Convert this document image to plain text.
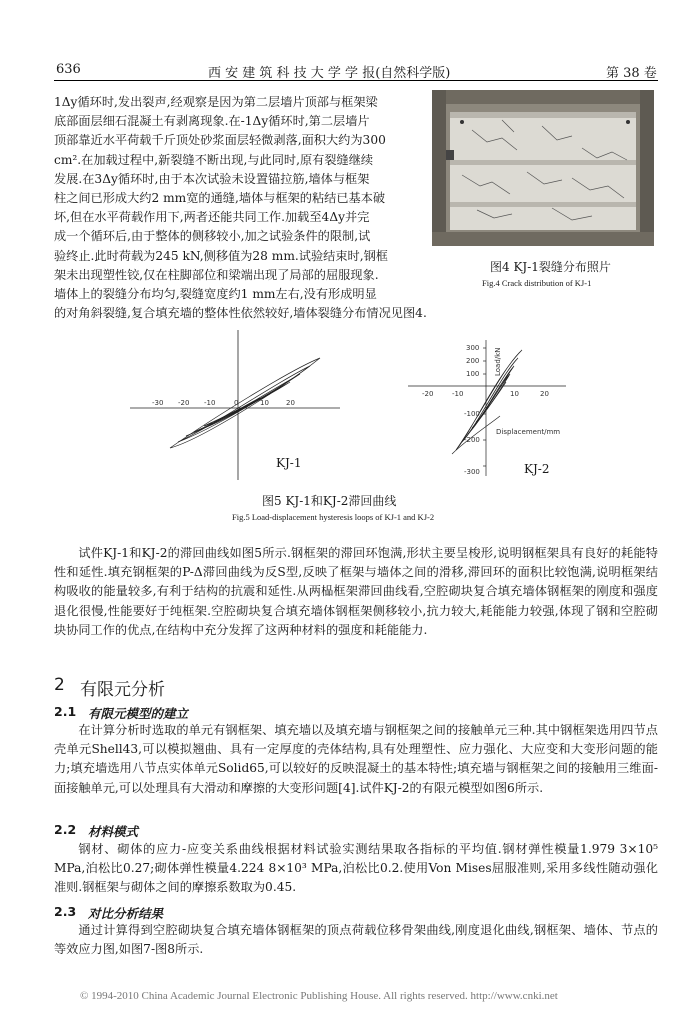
636	西 安 建 筑 科 技 大 学 学 报(自然科学版)	第 38 卷
1Δy循环时,发出裂声,经观察是因为第二层墙片顶部与框架梁
底部面层细石混凝土有剥离现象.在-1Δy循环时,第二层墙片
顶部靠近水平荷载千斤顶处砂浆面层轻微剥落,面积大约为300
cm².在加载过程中,新裂缝不断出现,与此同时,原有裂缝继续
发展.在3Δy循环时,由于本次试验未设置锚拉筋,墙体与框架
柱之间已形成大约2 mm宽的通缝,墙体与框架的粘结已基本破
坏,但在水平荷载作用下,两者还能共同工作.加载至4Δy并完
成一个循环后,由于整体的侧移较小,加之试验条件的限制,试
验终止.此时荷载为245 kN,侧移值为28 mm.试验结束时,钢框
架未出现塑性铰,仅在柱脚部位和梁端出现了局部的屈服现象.
墙体上的裂缝分布均匀,裂缝宽度约1 mm左右,没有形成明显
的对角斜裂缝,复合填充墙的整体性依然较好,墙体裂缝分布情况见图4.
图4 KJ-1裂缝分布照片
Fig.4 Crack distribution of KJ-1
-30 -20 -10	0	10 20
KJ-1
300
200
100
-100
-200
-300
-20	-10	10	20
Load/kN
Displacement/mm
KJ-2
图5 KJ-1和KJ-2滞回曲线
Fig.5 Load-displacement hysteresis loops of KJ-1 and KJ-2
试件KJ-1和KJ-2的滞回曲线如图5所示.钢框架的滞回环饱满,形状主要呈梭形,说明钢框架具有良好的耗能特性和延性.填充钢框架的P-Δ滞回曲线为反S型,反映了框架与墙体之间的滑移,滞回环的面积比较饱满,说明框架结构吸收的能量较多,有利于结构的抗震和延性.从两榀框架滞回曲线看,空腔砌块复合填充墙体钢框架的刚度和强度退化很慢,性能要好于纯框架.空腔砌块复合填充墙体钢框架侧移较小,抗力较大,耗能能力较强,体现了钢和空腔砌块协同工作的优点,在结构中充分发挥了这两种材料的强度和耗能能力.
2 有限元分析
2.1 有限元模型的建立
在计算分析时选取的单元有钢框架、填充墙以及填充墙与钢框架之间的接触单元三种.其中钢框架选用四节点壳单元Shell43,可以模拟翘曲、具有一定厚度的壳体结构,具有处理塑性、应力强化、大应变和大变形问题的能力;填充墙选用八节点实体单元Solid65,可以较好的反映混凝土的基本特性;填充墙与钢框架之间的接触用三维面-面接触单元,可以处理具有大滑动和摩擦的大变形问题[4].试件KJ-2的有限元模型如图6所示.
2.2 材料模式
钢材、砌体的应力-应变关系曲线根据材料试验实测结果取各指标的平均值.钢材弹性模量1.979 3×10⁵ MPa,泊松比0.27;砌体弹性模量4.224 8×10³ MPa,泊松比0.2.使用Von Mises屈服准则,采用多线性随动强化准则.钢框架与砌体之间的摩擦系数取为0.45.
2.3 对比分析结果
通过计算得到空腔砌块复合填充墙体钢框架的顶点荷载位移骨架曲线,刚度退化曲线,钢框架、墙体、节点的等效应力图,如图7-图8所示.
© 1994-2010 China Academic Journal Electronic Publishing House. All rights reserved. http://www.cnki.net
